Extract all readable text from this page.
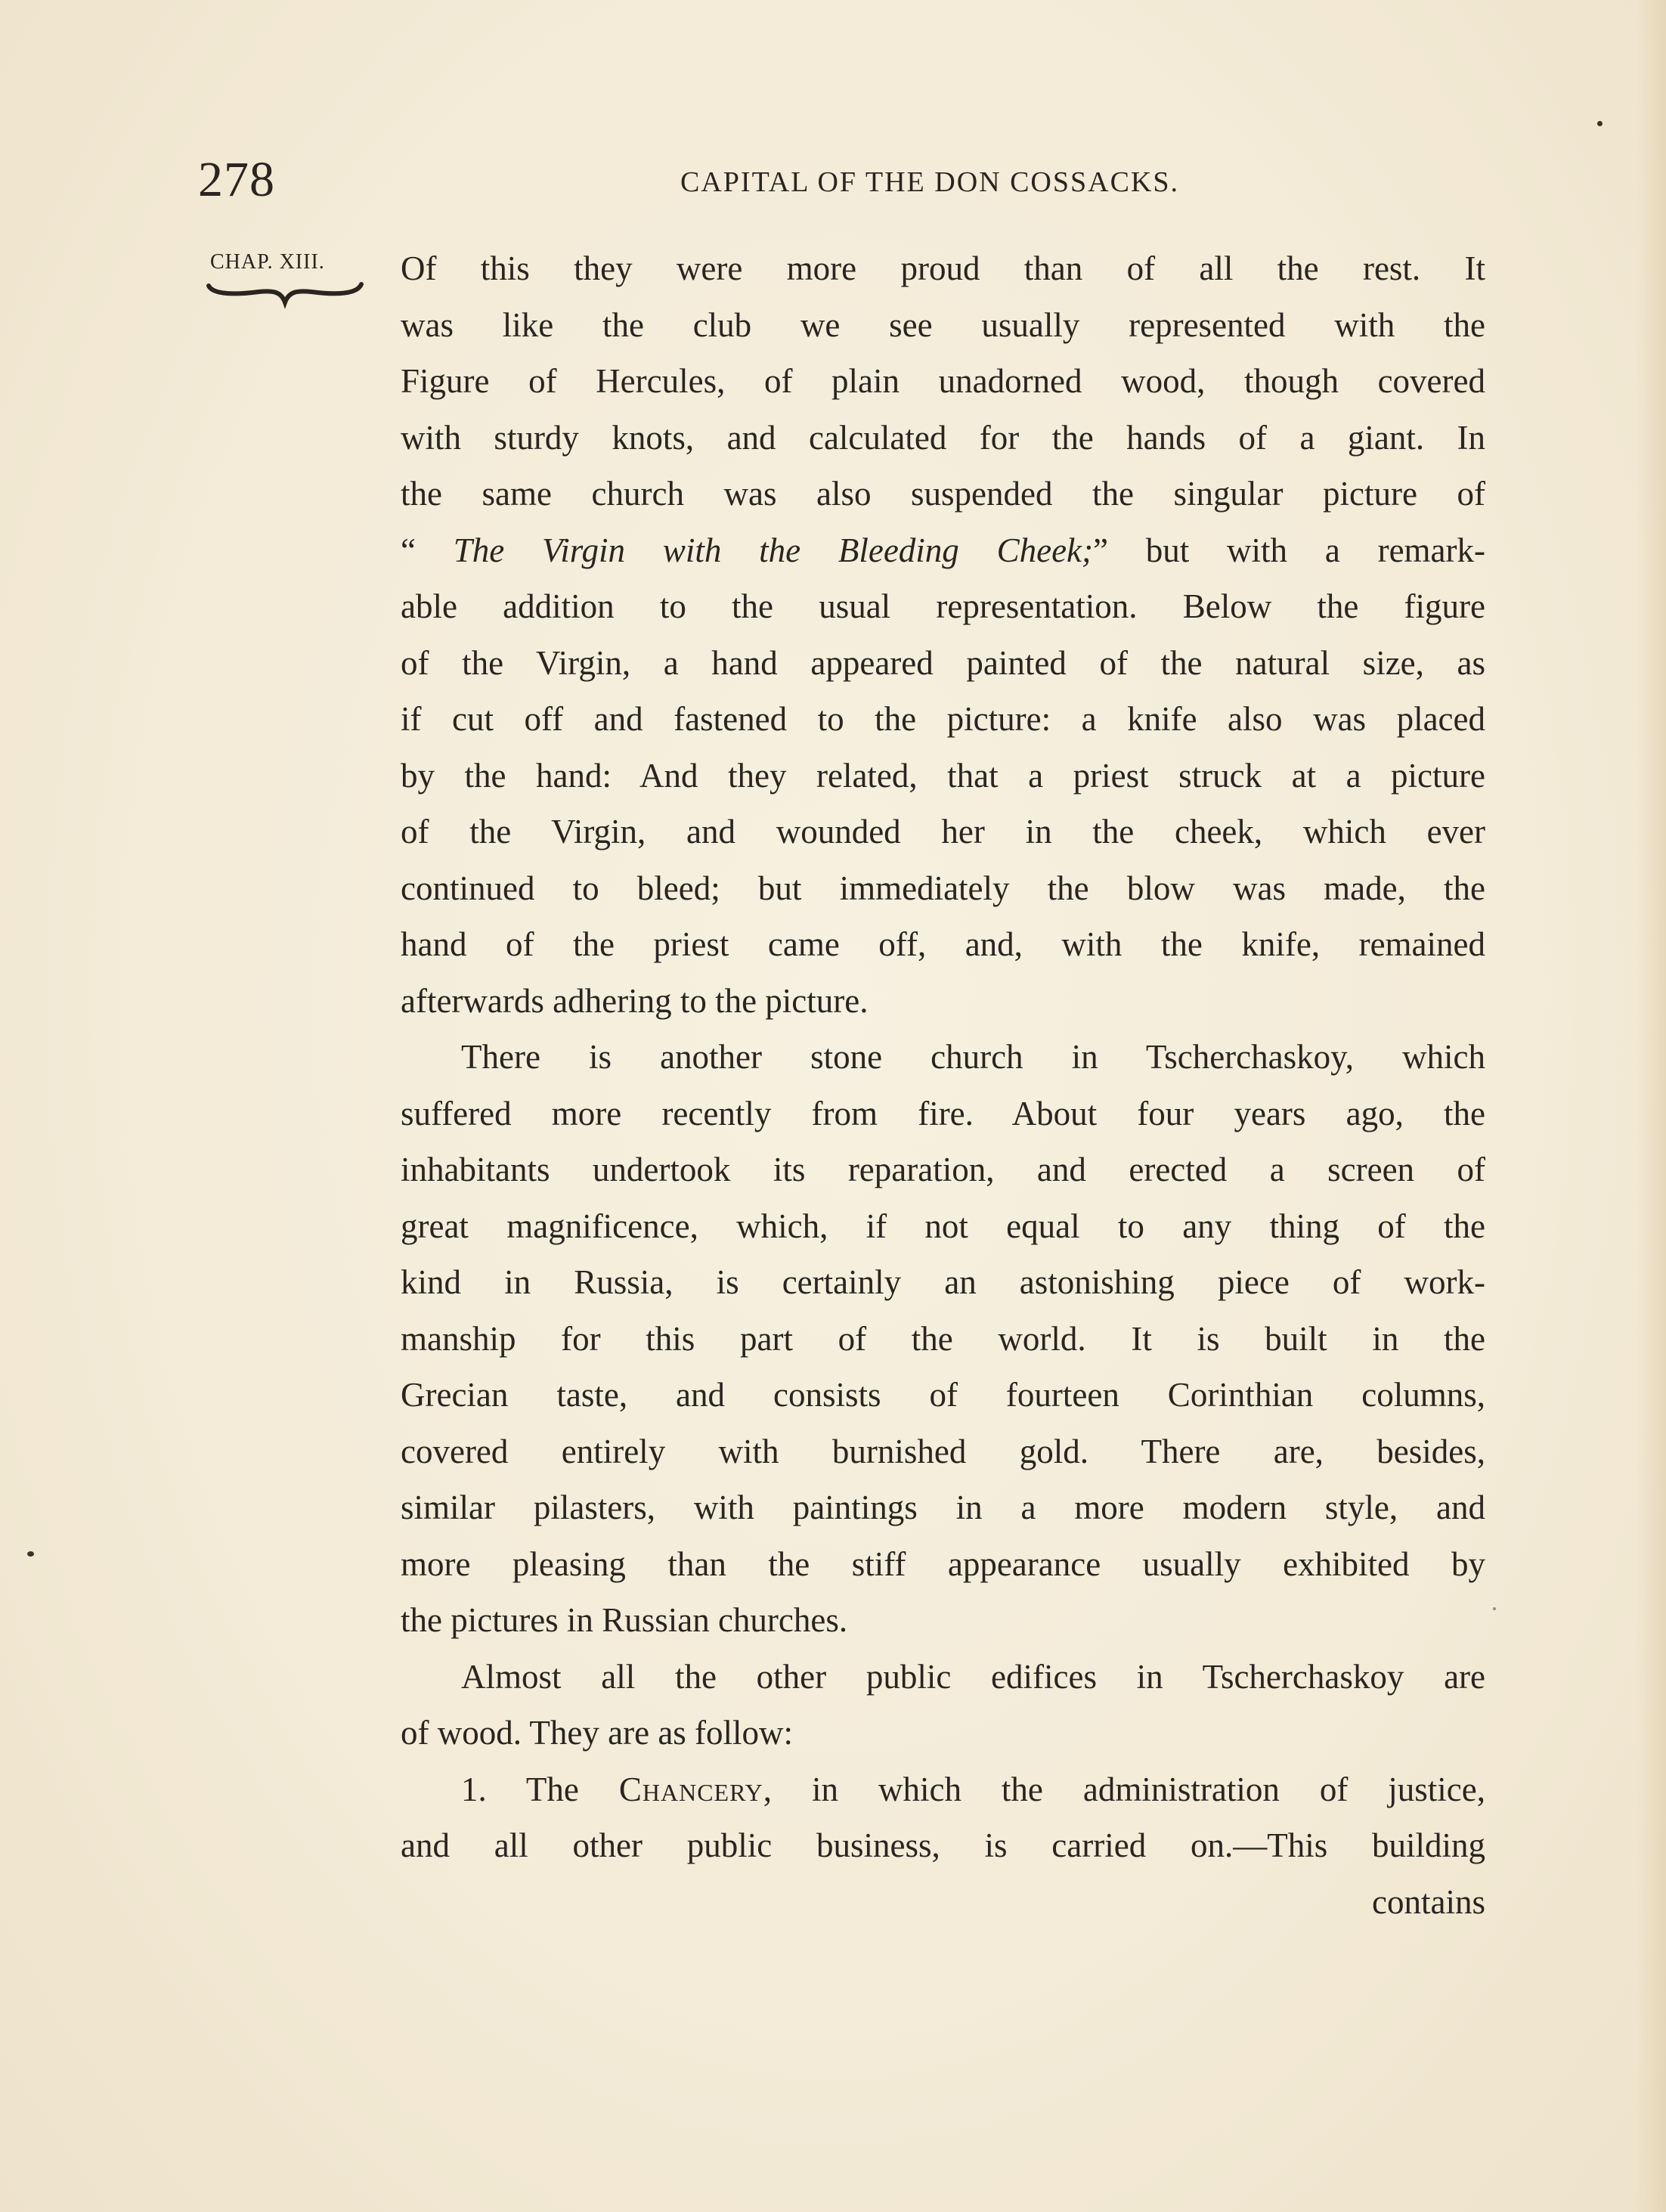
278	CAPITAL OF THE DON COSSACKS.
CHAP. XIII. Of this they were more proud than of all the rest. It
was like the club we see usually represented with the
Figure of Hercules, of plain unadorned wood, though covered
with sturdy knots, and calculated for the hands of a giant. In
the same church was also suspended the singular picture of
“ The Virgin with the Bleeding Cheek;” but with a remark-
able addition to the usual representation. Below the figure
of the Virgin, a hand appeared painted of the natural size, as
if cut off and fastened to the picture: a knife also was placed
by the hand: And they related, that a priest struck at a picture
of the Virgin, and wounded her in the cheek, which ever
continued to bleed; but immediately the blow was made, the
hand of the priest came off, and, with the knife, remained
afterwards adhering to the picture.
There is another stone church in Tscherchaskoy, which
suffered more recently from fire. About four years ago, the
inhabitants undertook its reparation, and erected a screen of
great magnificence, which, if not equal to any thing of the
kind in Russia, is certainly an astonishing piece of work-
manship for this part of the world. It is built in the
Grecian taste, and consists of fourteen Corinthian columns,
covered entirely with burnished gold. There are, besides,
similar pilasters, with paintings in a more modern style, and
more pleasing than the stiff appearance usually exhibited by
the pictures in Russian churches.
Almost all the other public edifices in Tscherchaskoy are
of wood. They are as follow:
1. The Chancery, in which the administration of justice,
and all other public business, is carried on.—This building
contains
